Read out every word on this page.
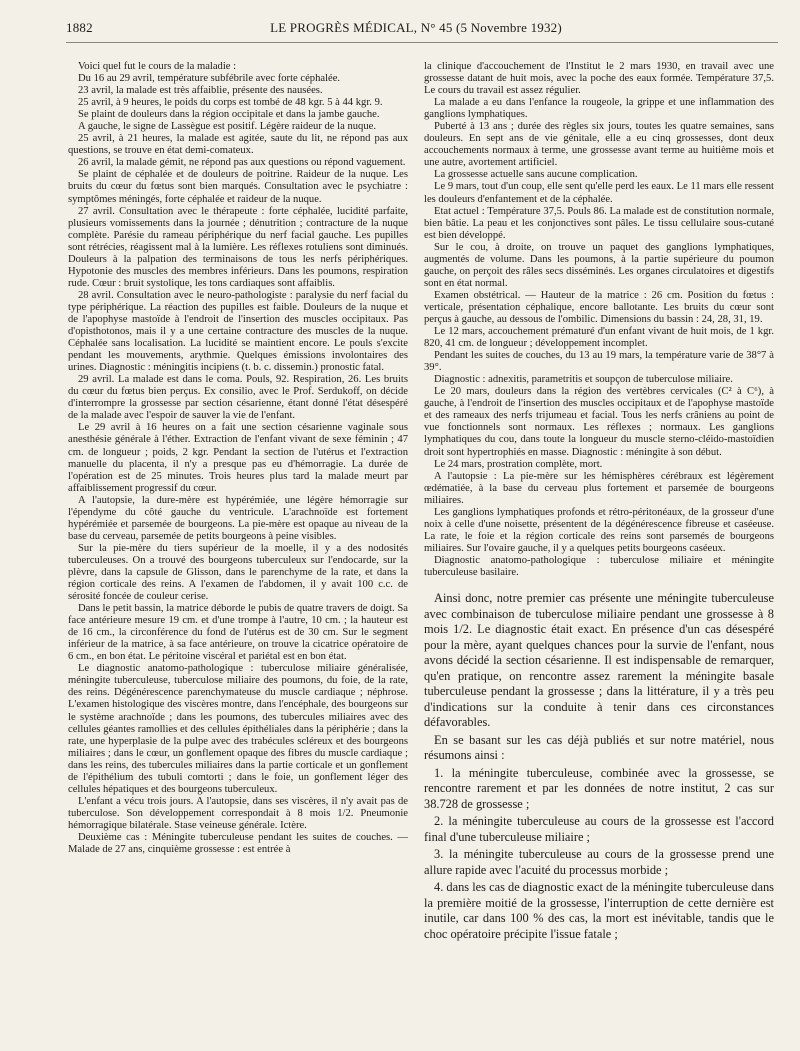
1882	LE PROGRÈS MÉDICAL, N° 45 (5 Novembre 1932)

Voici quel fut le cours de la maladie :

Du 16 au 29 avril, température subfébrile avec forte céphalée.

23 avril, la malade est très affaiblie, présente des nausées.

25 avril, à 9 heures, le poids du corps est tombé de 48 kgr. 5 à 44 kgr. 9.

Se plaint de douleurs dans la région occipitale et dans la jambe gauche.

A gauche, le signe de Lassègue est positif. Légère raideur de la nuque.

25 avril, à 21 heures, la malade est agitée, saute du lit, ne répond pas aux questions, se trouve en état demi-comateux.

26 avril, la malade gémit, ne répond pas aux questions ou répond vaguement.

Se plaint de céphalée et de douleurs de poitrine. Raideur de la nuque. Les bruits du cœur du fœtus sont bien marqués. Consultation avec le psychiatre : symptômes méningés, forte céphalée et raideur de la nuque.

27 avril. Consultation avec le thérapeute : forte céphalée, lucidité parfaite, plusieurs vomissements dans la journée ; dénutrition ; contracture de la nuque complète. Parésie du rameau périphérique du nerf facial gauche. Les pupilles sont rétrécies, réagissent mal à la lumière. Les réflexes rotuliens sont diminués. Douleurs à la palpation des terminaisons de tous les nerfs périphériques. Hypotonie des muscles des membres inférieurs. Dans les poumons, respiration rude. Cœur : bruit systolique, les tons cardiaques sont affaiblis.

28 avril. Consultation avec le neuro-pathologiste : paralysie du nerf facial du type périphérique. La réaction des pupilles est faible. Douleurs de la nuque et de l'apophyse mastoïde à l'endroit de l'insertion des muscles occipitaux. Pas d'opisthotonos, mais il y a une certaine contracture des muscles de la nuque. Céphalée sans localisation. La lucidité se maintient encore. Le pouls s'excite pendant les mouvements, arythmie. Quelques émissions involontaires des urines. Diagnostic : méningitis incipiens (t. b. c. dissemin.) pronostic fatal.

29 avril. La malade est dans le coma. Pouls, 92. Respiration, 26. Les bruits du cœur du fœtus bien perçus. Ex consilio, avec le Prof. Serdukoff, on décide d'interrompre la grossesse par section césarienne, étant donné l'état désespéré de la malade avec l'espoir de sauver la vie de l'enfant.

Le 29 avril à 16 heures on a fait une section césarienne vaginale sous anesthésie générale à l'éther. Extraction de l'enfant vivant de sexe féminin ; 47 cm. de longueur ; poids, 2 kgr. Pendant la section de l'utérus et l'extraction manuelle du placenta, il n'y a presque pas eu d'hémorragie. La durée de l'opération est de 25 minutes. Trois heures plus tard la malade meurt par affaiblissement progressif du cœur.

A l'autopsie, la dure-mère est hypérémiée, une légère hémorragie sur l'épendyme du côté gauche du ventricule. L'arachnoïde est fortement hypérémiée et parsemée de bourgeons. La pie-mère est opaque au niveau de la base du cerveau, parsemée de petits bourgeons à peine visibles.

Sur la pie-mère du tiers supérieur de la moelle, il y a des nodosités tuberculeuses. On a trouvé des bourgeons tuberculeux sur l'endocarde, sur la plèvre, dans la capsule de Glisson, dans le parenchyme de la rate, et dans la région corticale des reins. A l'examen de l'abdomen, il y avait 100 c.c. de sérosité foncée de couleur cerise.

Dans le petit bassin, la matrice déborde le pubis de quatre travers de doigt. Sa face antérieure mesure 19 cm. et d'une trompe à l'autre, 10 cm. ; la hauteur est de 16 cm., la circonférence du fond de l'utérus est de 30 cm. Sur le segment inférieur de la matrice, à sa face antérieure, on trouve la cicatrice opératoire de 6 cm., en bon état. Le péritoine viscéral et pariétal est en bon état.

Le diagnostic anatomo-pathologique : tuberculose miliaire généralisée, méningite tuberculeuse, tuberculose miliaire des poumons, du foie, de la rate, des reins. Dégénérescence parenchymateuse du muscle cardiaque ; néphrose. L'examen histologique des viscères montre, dans l'encéphale, des bourgeons sur le système arachnoïde ; dans les poumons, des tubercules miliaires avec des cellules géantes ramollies et des cellules épithéliales dans la périphérie ; dans la rate, une hyperplasie de la pulpe avec des trabécules scléreux et des bourgeons miliaires ; dans le cœur, un gonflement opaque des fibres du muscle cardiaque ; dans les reins, des tubercules miliaires dans la partie corticale et un gonflement de l'épithélium des tubuli comtorti ; dans le foie, un gonflement léger des cellules hépatiques et des bourgeons tuberculeux.

L'enfant a vécu trois jours. A l'autopsie, dans ses viscères, il n'y avait pas de tuberculose. Son développement correspondait à 8 mois 1/2. Pneumonie hémorragique bilatérale. Stase veineuse générale. Ictère.

Deuxième cas : Méningite tuberculeuse pendant les suites de couches. — Malade de 27 ans, cinquième grossesse : est entrée à

la clinique d'accouchement de l'Institut le 2 mars 1930, en travail avec une grossesse datant de huit mois, avec la poche des eaux formée. Température 37,5. Le cours du travail est assez régulier.

La malade a eu dans l'enfance la rougeole, la grippe et une inflammation des ganglions lymphatiques.

Puberté à 13 ans ; durée des règles six jours, toutes les quatre semaines, sans douleurs. En sept ans de vie génitale, elle a eu cinq grossesses, dont deux accouchements normaux à terme, une grossesse avant terme au huitième mois et une autre, avortement artificiel.

La grossesse actuelle sans aucune complication.

Le 9 mars, tout d'un coup, elle sent qu'elle perd les eaux. Le 11 mars elle ressent les douleurs d'enfantement et de la céphalée.

Etat actuel : Température 37,5. Pouls 86. La malade est de constitution normale, bien bâtie. La peau et les conjonctives sont pâles. Le tissu cellulaire sous-cutané est bien développé.

Sur le cou, à droite, on trouve un paquet des ganglions lymphatiques, augmentés de volume. Dans les poumons, à la partie supérieure du poumon gauche, on perçoit des râles secs disséminés. Les organes circulatoires et digestifs sont en état normal.

Examen obstétrical. — Hauteur de la matrice : 26 cm. Position du fœtus : verticale, présentation céphalique, encore ballotante. Les bruits du cœur sont perçus à gauche, au dessous de l'ombilic. Dimensions du bassin : 24, 28, 31, 19.

Le 12 mars, accouchement prématuré d'un enfant vivant de huit mois, de 1 kgr. 820, 41 cm. de longueur ; développement incomplet.

Pendant les suites de couches, du 13 au 19 mars, la température varie de 38°7 à 39°.

Diagnostic : adnexitis, parametritis et soupçon de tuberculose miliaire.

Le 20 mars, douleurs dans la région des vertèbres cervicales (C² à C⁶), à gauche, à l'endroit de l'insertion des muscles occipitaux et de l'apophyse mastoïde et des rameaux des nerfs trijumeau et facial. Tous les nerfs crâniens au point de vue fonctionnels sont normaux. Les réflexes ; normaux. Les ganglions lymphatiques du cou, dans toute la longueur du muscle sterno-cléido-mastoïdien droit sont hypertrophiés en masse. Diagnostic : méningite à son début.

Le 24 mars, prostration complète, mort.

A l'autopsie : La pie-mère sur les hémisphères cérébraux est légèrement œdématiée, à la base du cerveau plus fortement et parsemée de bourgeons miliaires.

Les ganglions lymphatiques profonds et rétro-péritonéaux, de la grosseur d'une noix à celle d'une noisette, présentent de la dégénérescence fibreuse et caséeuse. La rate, le foie et la région corticale des reins sont parsemés de bourgeons miliaires. Sur l'ovaire gauche, il y a quelques petits bourgeons caséeux.

Diagnostic anatomo-pathologique : tuberculose miliaire et méningite tuberculeuse basilaire.

Ainsi donc, notre premier cas présente une méningite tuberculeuse avec combinaison de tuberculose miliaire pendant une grossesse à 8 mois 1/2. Le diagnostic était exact. En présence d'un cas désespéré pour la mère, ayant quelques chances pour la survie de l'enfant, nous avons décidé la section césarienne. Il est indispensable de remarquer, qu'en pratique, on rencontre assez rarement la méningite basale tuberculeuse pendant la grossesse ; dans la littérature, il y a très peu d'indications sur la conduite à tenir dans ces circonstances défavorables.

En se basant sur les cas déjà publiés et sur notre matériel, nous résumons ainsi :

1. la méningite tuberculeuse, combinée avec la grossesse, se rencontre rarement et par les données de notre institut, 2 cas sur 38.728 de grossesse ;

2. la méningite tuberculeuse au cours de la grossesse est l'accord final d'une tuberculeuse miliaire ;

3. la méningite tuberculeuse au cours de la grossesse prend une allure rapide avec l'acuité du processus morbide ;

4. dans les cas de diagnostic exact de la méningite tuberculeuse dans la première moitié de la grossesse, l'interruption de cette dernière est inutile, car dans 100 % des cas, la mort est inévitable, tandis que le choc opératoire précipite l'issue fatale ;
